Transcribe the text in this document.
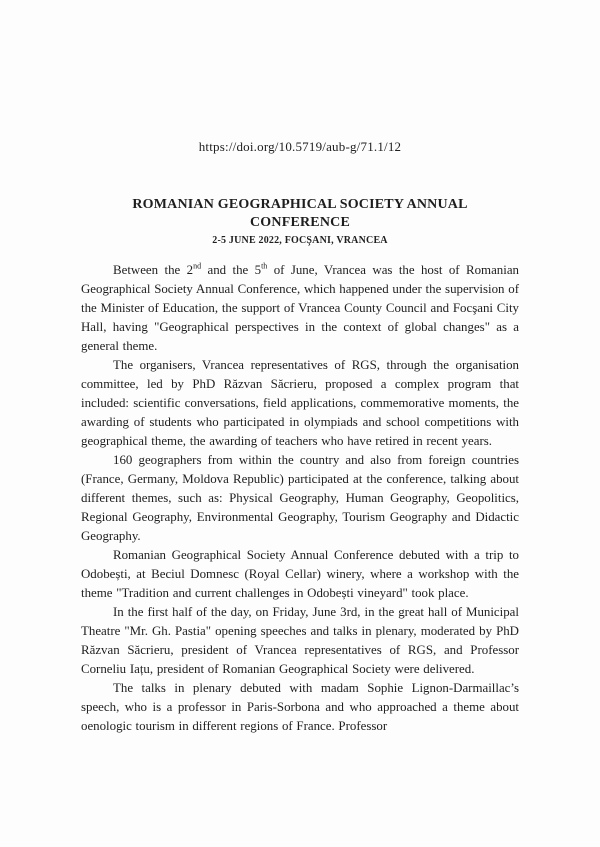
https://doi.org/10.5719/aub-g/71.1/12
ROMANIAN GEOGRAPHICAL SOCIETY ANNUAL CONFERENCE
2-5 JUNE 2022, FOCŞANI, VRANCEA

Between the 2nd and the 5th of June, Vrancea was the host of Romanian Geographical Society Annual Conference, which happened under the supervision of the Minister of Education, the support of Vrancea County Council and Focşani City Hall, having "Geographical perspectives in the context of global changes" as a general theme.

The organisers, Vrancea representatives of RGS, through the organisation committee, led by PhD Răzvan Săcrieru, proposed a complex program that included: scientific conversations, field applications, commemorative moments, the awarding of students who participated in olympiads and school competitions with geographical theme, the awarding of teachers who have retired in recent years.

160 geographers from within the country and also from foreign countries (France, Germany, Moldova Republic) participated at the conference, talking about different themes, such as: Physical Geography, Human Geography, Geopolitics, Regional Geography, Environmental Geography, Tourism Geography and Didactic Geography.

Romanian Geographical Society Annual Conference debuted with a trip to Odobești, at Beciul Domnesc (Royal Cellar) winery, where a workshop with the theme "Tradition and current challenges in Odobești vineyard" took place.

In the first half of the day, on Friday, June 3rd, in the great hall of Municipal Theatre "Mr. Gh. Pastia" opening speeches and talks in plenary, moderated by PhD Răzvan Săcrieru, president of Vrancea representatives of RGS, and Professor Corneliu Iațu, president of Romanian Geographical Society were delivered.

The talks in plenary debuted with madam Sophie Lignon-Darmaillac’s speech, who is a professor in Paris-Sorbona and who approached a theme about oenologic tourism in different regions of France. Professor
